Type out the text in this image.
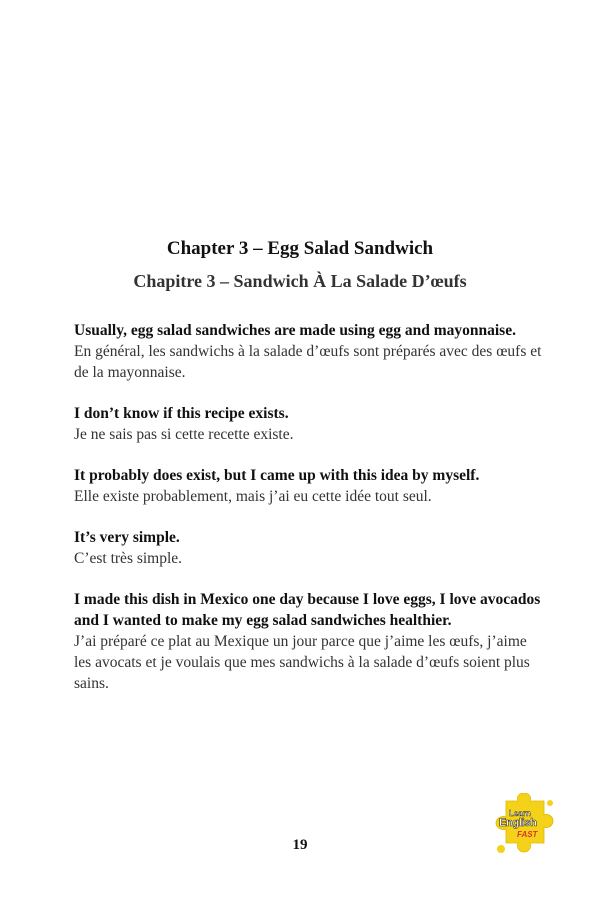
Chapter 3 – Egg Salad Sandwich
Chapitre 3 – Sandwich À La Salade D’œufs

Usually, egg salad sandwiches are made using egg and mayonnaise.

En général, les sandwichs à la salade d’œufs sont préparés avec des œufs et de la mayonnaise.

I don’t know if this recipe exists.

Je ne sais pas si cette recette existe.

It probably does exist, but I came up with this idea by myself.

Elle existe probablement, mais j’ai eu cette idée tout seul.

It’s very simple.

C’est très simple.

I made this dish in Mexico one day because I love eggs, I love avocados and I wanted to make my egg salad sandwiches healthier.

J’ai préparé ce plat au Mexique un jour parce que j’aime les œufs, j’aime les avocats et je voulais que mes sandwichs à la salade d’œufs soient plus sains.

19
Learn
English
FAST
